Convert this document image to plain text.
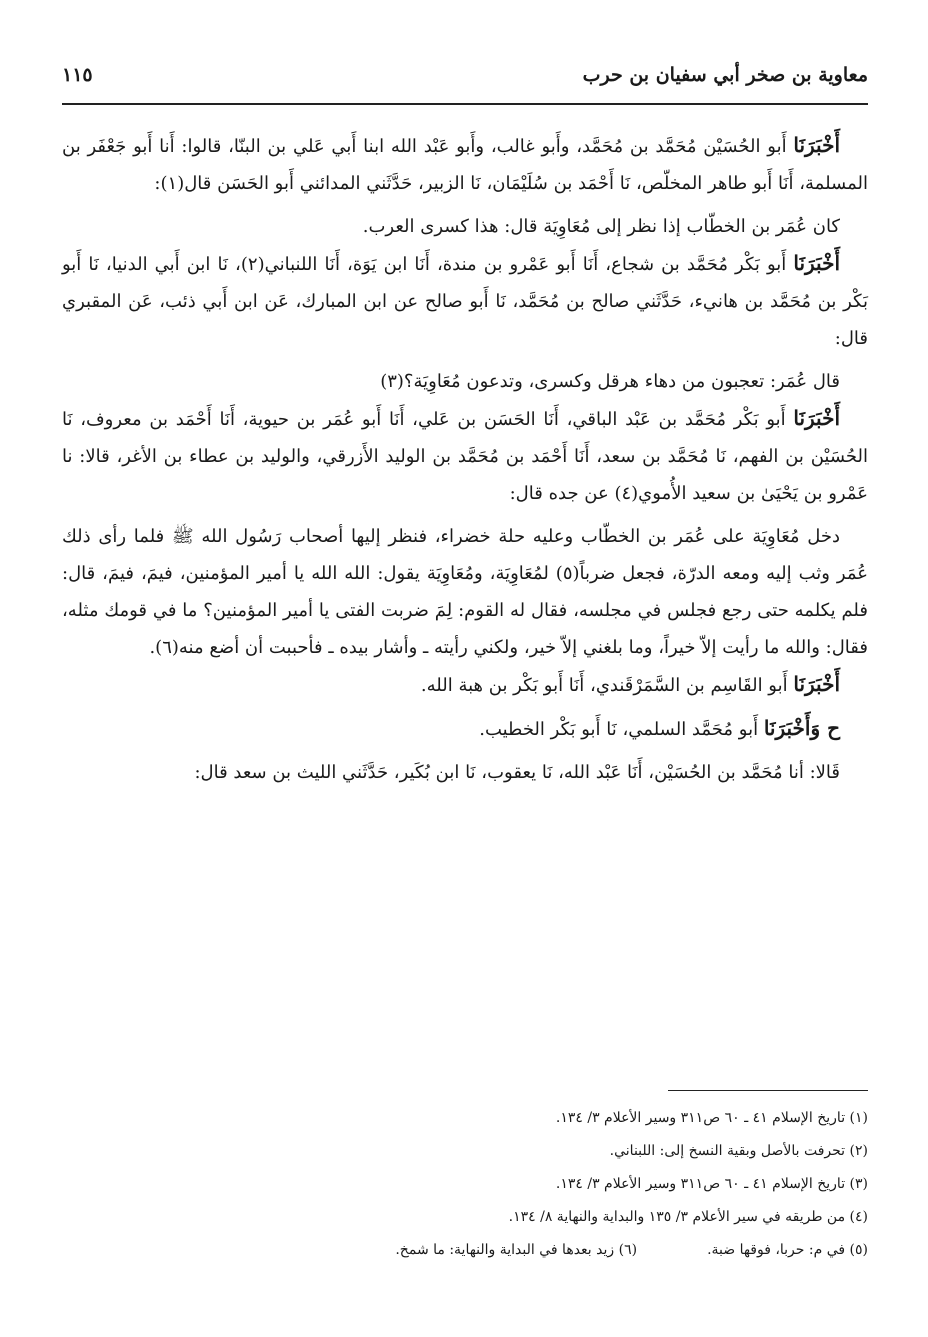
معاوية بن صخر أبي سفيان بن حرب
١١٥

أَخْبَرَنَا أَبو الحُسَيْن مُحَمَّد بن مُحَمَّد، وأَبو غالب، وأَبو عَبْد الله ابنا أَبي عَلي بن البنّا، قالوا: أَنا أَبو جَعْفَر بن المسلمة، أَنَا أَبو طاهر المخلّص، نَا أَحْمَد بن سُلَيْمَان، نَا الزبير، حَدَّثَني المدائني أَبو الحَسَن قال(١):

كان عُمَر بن الخطّاب إذا نظر إلى مُعَاوِيَة قال: هذا كسرى العرب.

أَخْبَرَنَا أَبو بَكْر مُحَمَّد بن شجاع، أَنَا أَبو عَمْرو بن مندة، أَنَا ابن يَوَة، أَنَا اللنباني(٢)، نَا ابن أَبي الدنيا، نَا أَبو بَكْر بن مُحَمَّد بن هانيء، حَدَّثَني صالح بن مُحَمَّد، نَا أَبو صالح عن ابن المبارك، عَن ابن أَبي ذئب، عَن المقبري قال:

قال عُمَر: تعجبون من دهاء هرقل وكسرى، وتدعون مُعَاوِيَة؟(٣)

أَخْبَرَنَا أَبو بَكْر مُحَمَّد بن عَبْد الباقي، أَنَا الحَسَن بن عَلي، أَنَا أَبو عُمَر بن حيوية، أَنَا أَحْمَد بن معروف، نَا الحُسَيْن بن الفهم، نَا مُحَمَّد بن سعد، أَنَا أَحْمَد بن مُحَمَّد بن الوليد الأَزرقي، والوليد بن عطاء بن الأغر، قالا: نا عَمْرو بن يَحْيَىٰ بن سعيد الأُموي(٤) عن جده قال:

دخل مُعَاوِيَة على عُمَر بن الخطّاب وعليه حلة خضراء، فنظر إليها أصحاب رَسُول الله ﷺ فلما رأى ذلك عُمَر وثب إليه ومعه الدرّة، فجعل ضرباً(٥) لمُعَاوِيَة، ومُعَاوِيَة يقول: الله الله يا أمير المؤمنين، فيمَ، فيمَ، قال: فلم يكلمه حتى رجع فجلس في مجلسه، فقال له القوم: لِمَ ضربت الفتى يا أمير المؤمنين؟ ما في قومك مثله، فقال: والله ما رأيت إلاّ خيراً، وما بلغني إلاّ خير، ولكني رأيته ـ وأشار بيده ـ فأحببت أن أضع منه(٦).

أَخْبَرَنَا أَبو القَاسِم بن السَّمَرْقَندي، أَنَا أَبو بَكْر بن هبة الله.

ح وَأَخْبَرَنَا أَبو مُحَمَّد السلمي، نَا أَبو بَكْر الخطيب.

قَالا: أنا مُحَمَّد بن الحُسَيْن، أَنَا عَبْد الله، نَا يعقوب، نَا ابن بُكَير، حَدَّثَني الليث بن سعد قال:

(١) تاريخ الإسلام ٤١ ـ ٦٠ ص٣١١ وسير الأعلام ٣/ ١٣٤.
(٢) تحرفت بالأصل وبقية النسخ إلى: اللبناني.
(٣) تاريخ الإسلام ٤١ ـ ٦٠ ص٣١١ وسير الأعلام ٣/ ١٣٤.
(٤) من طريقه في سير الأعلام ٣/ ١٣٥ والبداية والنهاية ٨/ ١٣٤.
(٥) في م: حربا، فوقها ضبة.(٦) زيد بعدها في البداية والنهاية: ما شمخ.
